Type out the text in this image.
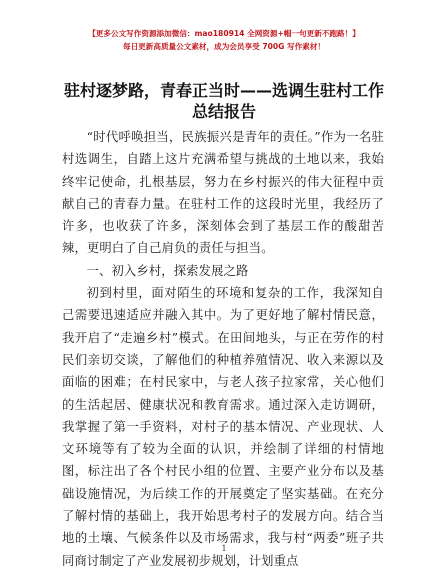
【更多公文写作资源添加微信：mao180914 全网资源+帽一句更新不跑路！】
每日更新高质量公文素材，成为会员享受 700G 写作素材！
驻村逐梦路，青春正当时——选调生驻村工作
总结报告

“时代呼唤担当，民族振兴是青年的责任。”作为一名驻村选调生，自踏上这片充满希望与挑战的土地以来，我始终牢记使命，扎根基层，努力在乡村振兴的伟大征程中贡献自己的青春力量。在驻村工作的这段时光里，我经历了许多，也收获了许多，深刻体会到了基层工作的酸甜苦辣，更明白了自己肩负的责任与担当。

一、初入乡村，探索发展之路

初到村里，面对陌生的环境和复杂的工作，我深知自己需要迅速适应并融入其中。为了更好地了解村情民意，我开启了“走遍乡村”模式。在田间地头，与正在劳作的村民们亲切交谈，了解他们的种植养殖情况、收入来源以及面临的困难；在村民家中，与老人孩子拉家常，关心他们的生活起居、健康状况和教育需求。通过深入走访调研，我掌握了第一手资料，对村子的基本情况、产业现状、人文环境等有了较为全面的认识，并绘制了详细的村情地图，标注出了各个村民小组的位置、主要产业分布以及基础设施情况，为后续工作的开展奠定了坚实基础。在充分了解村情的基础上，我开始思考村子的发展方向。结合当地的土壤、气候条件以及市场需求，我与村“两委”班子共同商讨制定了产业发展初步规划，计划重点

1
